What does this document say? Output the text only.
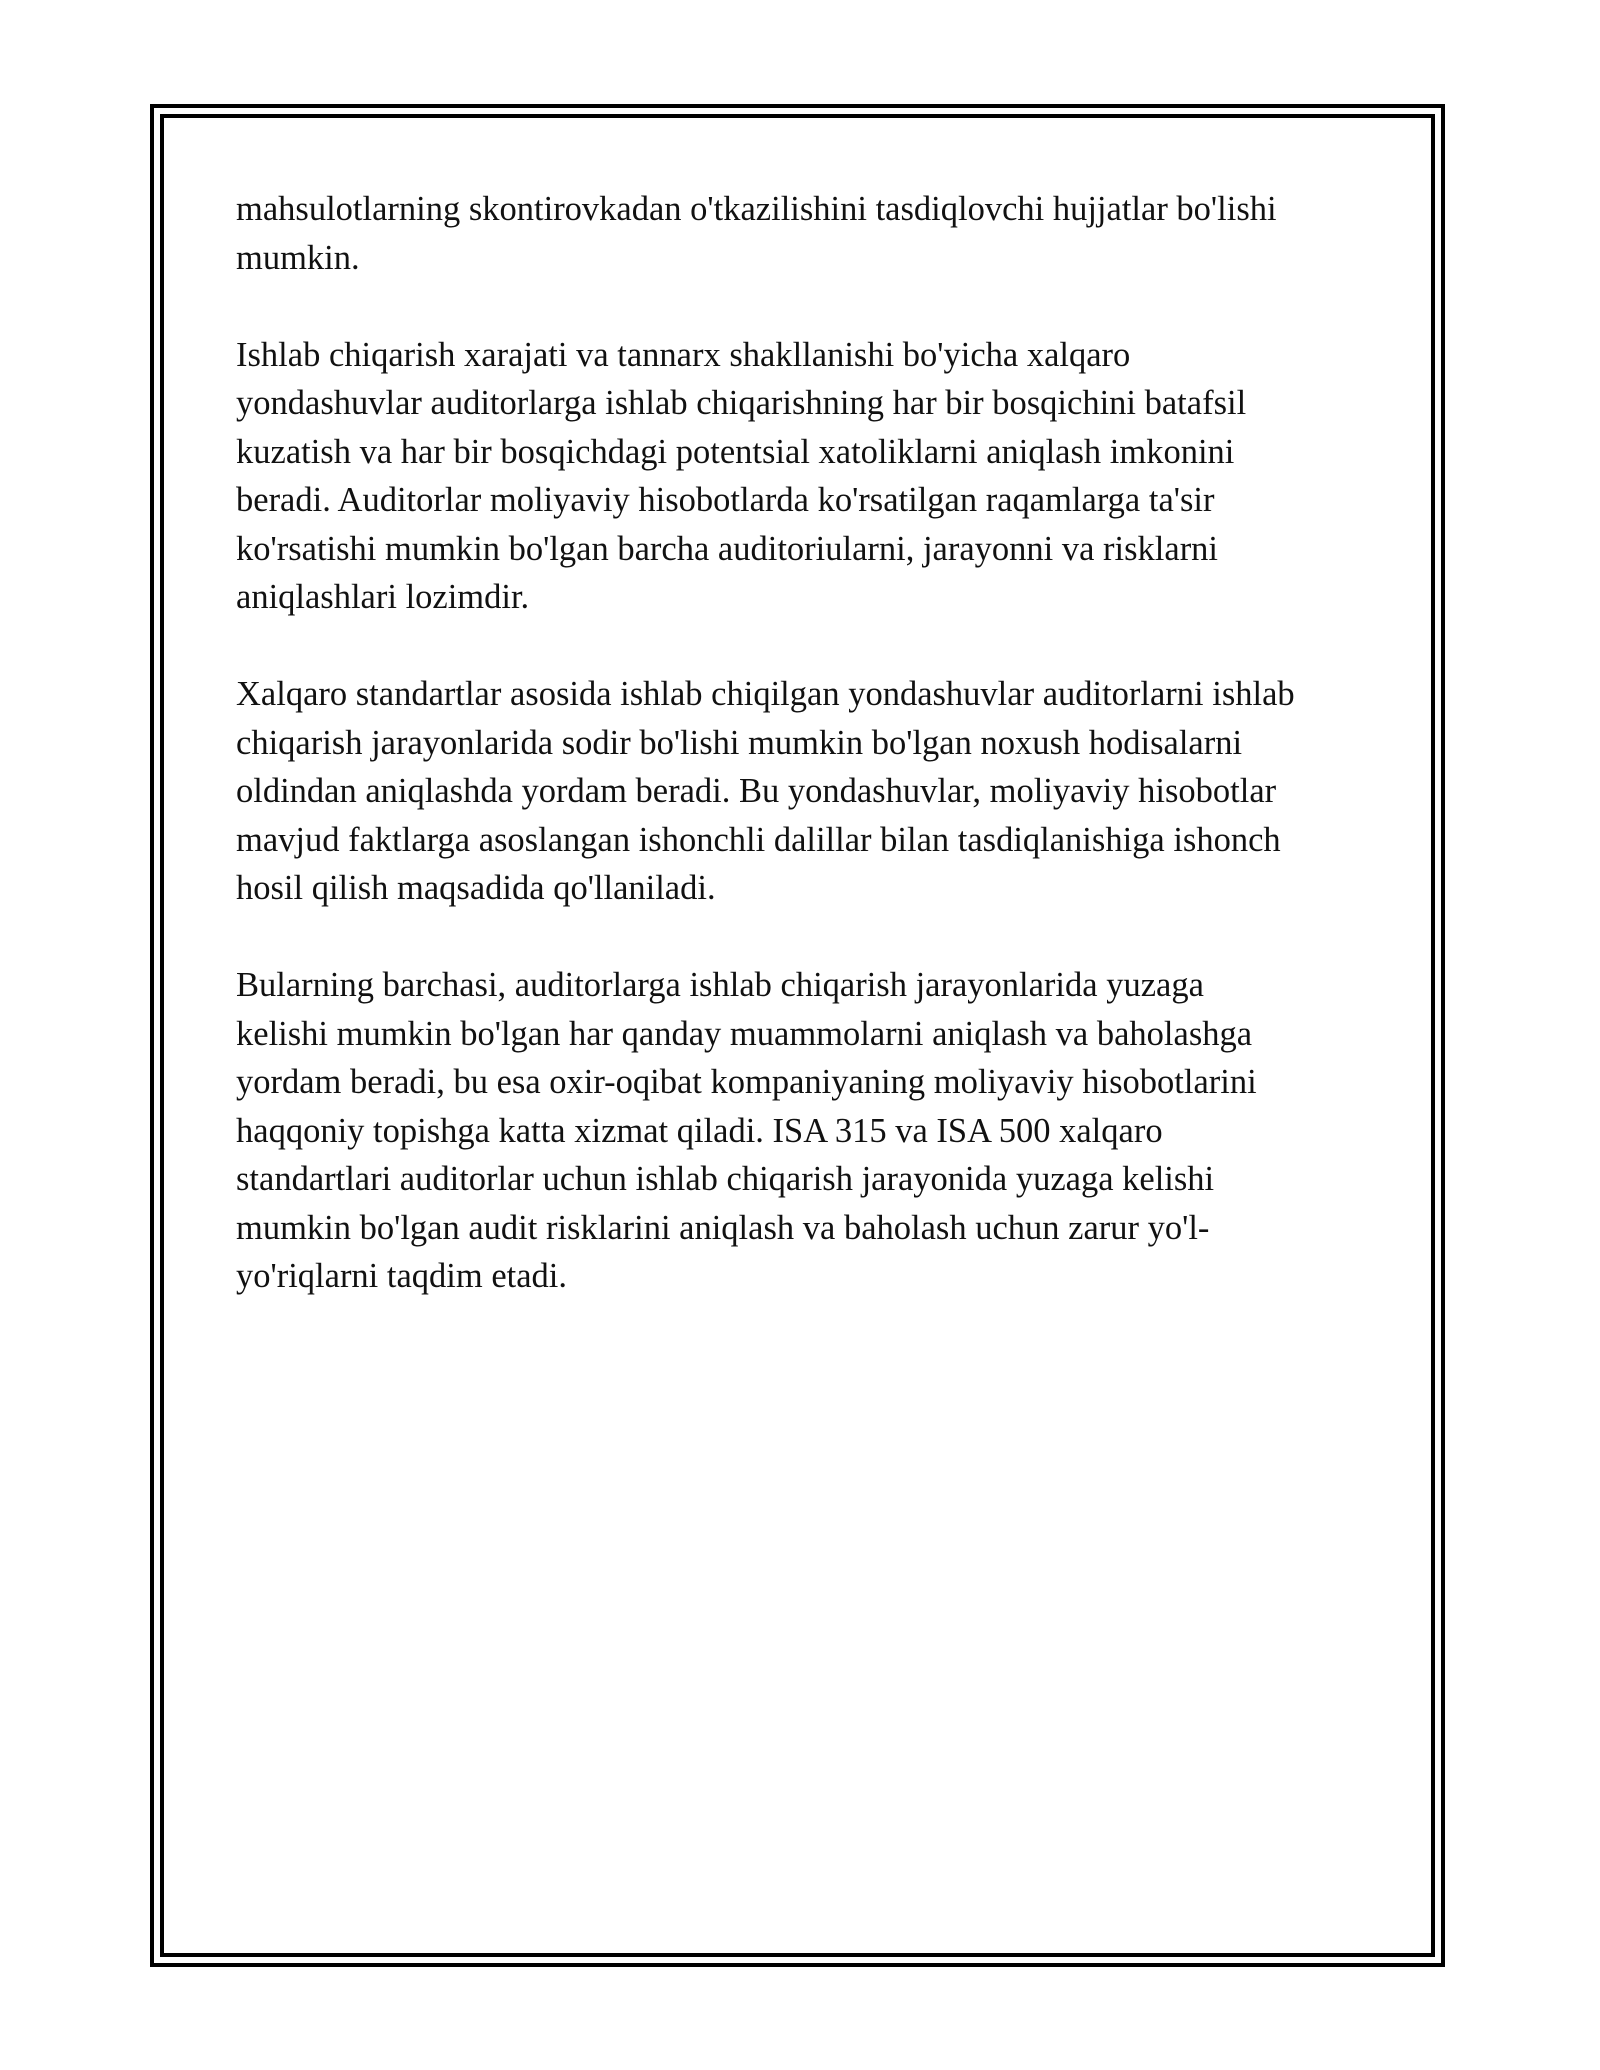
mahsulotlarning skontirovkadan o'tkazilishini tasdiqlovchi hujjatlar bo'lishi
mumkin.

Ishlab chiqarish xarajati va tannarx shakllanishi bo'yicha xalqaro
yondashuvlar auditorlarga ishlab chiqarishning har bir bosqichini batafsil
kuzatish va har bir bosqichdagi potentsial xatoliklarni aniqlash imkonini
beradi. Auditorlar moliyaviy hisobotlarda ko'rsatilgan raqamlarga ta'sir
ko'rsatishi mumkin bo'lgan barcha auditoriularni, jarayonni va risklarni
aniqlashlari lozimdir.

Xalqaro standartlar asosida ishlab chiqilgan yondashuvlar auditorlarni ishlab
chiqarish jarayonlarida sodir bo'lishi mumkin bo'lgan noxush hodisalarni
oldindan aniqlashda yordam beradi. Bu yondashuvlar, moliyaviy hisobotlar
mavjud faktlarga asoslangan ishonchli dalillar bilan tasdiqlanishiga ishonch
hosil qilish maqsadida qo'llaniladi.

Bularning barchasi, auditorlarga ishlab chiqarish jarayonlarida yuzaga
kelishi mumkin bo'lgan har qanday muammolarni aniqlash va baholashga
yordam beradi, bu esa oxir-oqibat kompaniyaning moliyaviy hisobotlarini
haqqoniy topishga katta xizmat qiladi. ISA 315 va ISA 500 xalqaro
standartlari auditorlar uchun ishlab chiqarish jarayonida yuzaga kelishi
mumkin bo'lgan audit risklarini aniqlash va baholash uchun zarur yo'l-
yo'riqlarni taqdim etadi.
